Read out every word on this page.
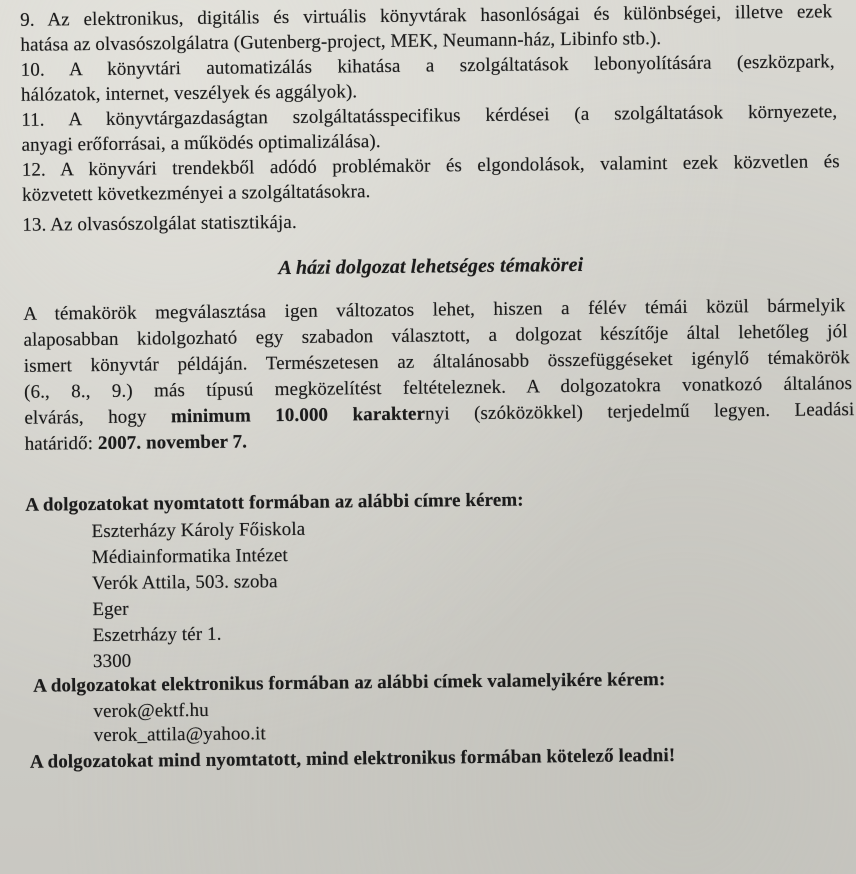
9. Az elektronikus, digitális és virtuális könyvtárak hasonlóságai és különbségei, illetve ezek
hatása az olvasószolgálatra (Gutenberg-project, MEK, Neumann-ház, Libinfo stb.).
10. A könyvtári automatizálás kihatása a szolgáltatások lebonyolítására (eszközpark,
hálózatok, internet, veszélyek és aggályok).
11. A könyvtárgazdaságtan szolgáltatásspecifikus kérdései (a szolgáltatások környezete,
anyagi erőforrásai, a működés optimalizálása).
12. A könyvári trendekből adódó problémakör és elgondolások, valamint ezek közvetlen és
közvetett következményei a szolgáltatásokra.
13. Az olvasószolgálat statisztikája.
A házi dolgozat lehetséges témakörei
A témakörök megválasztása igen változatos lehet, hiszen a félév témái közül bármelyik
alaposabban kidolgozható egy szabadon választott, a dolgozat készítője által lehetőleg jól
ismert könyvtár példáján. Természetesen az általánosabb összefüggéseket igénylő témakörök
(6., 8., 9.) más típusú megközelítést feltételeznek. A dolgozatokra vonatkozó általános
elvárás, hogy minimum 10.000 karakternyi (szóközökkel) terjedelmű legyen. Leadási
határidő: 2007. november 7.
A dolgozatokat nyomtatott formában az alábbi címre kérem:
Eszterházy Károly Főiskola
Médiainformatika Intézet
Verók Attila, 503. szoba
Eger
Eszetrházy tér 1.
3300
A dolgozatokat elektronikus formában az alábbi címek valamelyikére kérem:
verok@ektf.hu
verok_attila@yahoo.it
A dolgozatokat mind nyomtatott, mind elektronikus formában kötelező leadni!
